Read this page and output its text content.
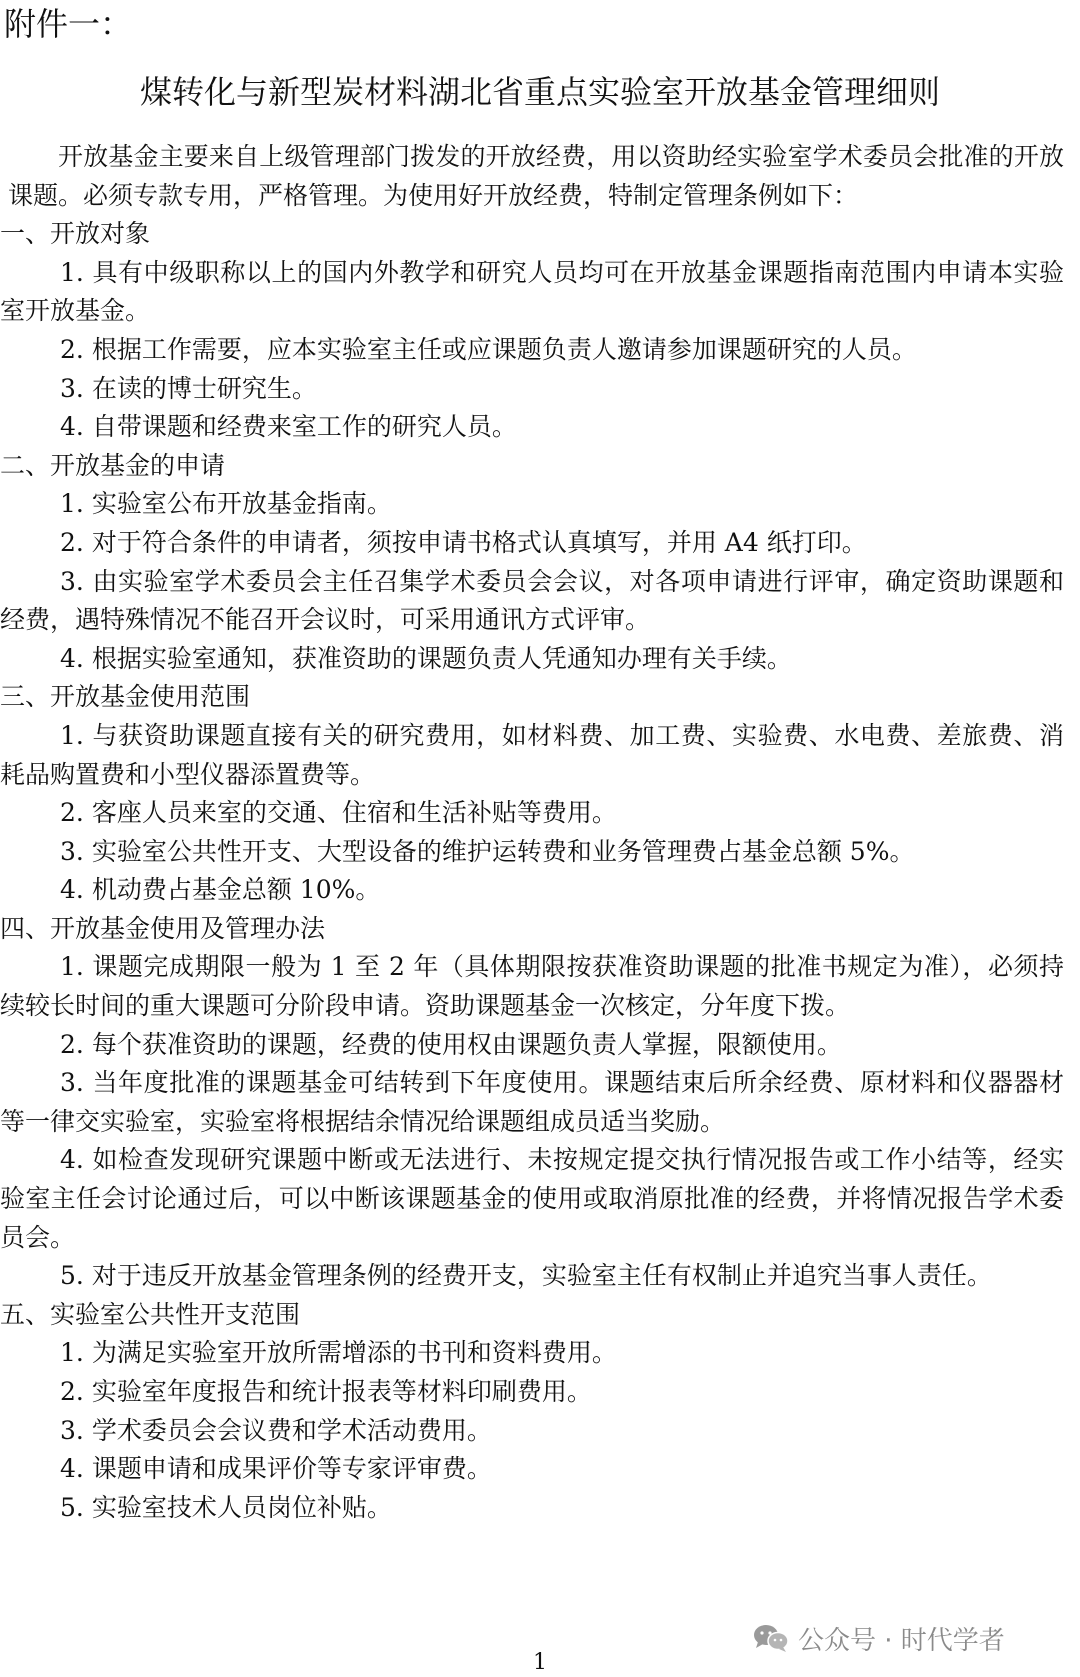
附件一：
煤转化与新型炭材料湖北省重点实验室开放基金管理细则

开放基金主要来自上级管理部门拨发的开放经费，用以资助经实验室学术委员会批准的开放课题。必须专款专用，严格管理。为使用好开放经费，特制定管理条例如下：

一、开放对象

1. 具有中级职称以上的国内外教学和研究人员均可在开放基金课题指南范围内申请本实验室开放基金。

2. 根据工作需要，应本实验室主任或应课题负责人邀请参加课题研究的人员。

3. 在读的博士研究生。

4. 自带课题和经费来室工作的研究人员。

二、开放基金的申请

1. 实验室公布开放基金指南。

2. 对于符合条件的申请者，须按申请书格式认真填写，并用 A4 纸打印。

3. 由实验室学术委员会主任召集学术委员会会议，对各项申请进行评审，确定资助课题和经费，遇特殊情况不能召开会议时，可采用通讯方式评审。

4. 根据实验室通知，获准资助的课题负责人凭通知办理有关手续。

三、开放基金使用范围

1. 与获资助课题直接有关的研究费用，如材料费、加工费、实验费、水电费、差旅费、消耗品购置费和小型仪器添置费等。

2. 客座人员来室的交通、住宿和生活补贴等费用。

3. 实验室公共性开支、大型设备的维护运转费和业务管理费占基金总额 5%。

4. 机动费占基金总额 10%。

四、开放基金使用及管理办法

1. 课题完成期限一般为 1 至 2 年（具体期限按获准资助课题的批准书规定为准），必须持续较长时间的重大课题可分阶段申请。资助课题基金一次核定，分年度下拨。

2. 每个获准资助的课题，经费的使用权由课题负责人掌握，限额使用。

3. 当年度批准的课题基金可结转到下年度使用。课题结束后所余经费、原材料和仪器器材等一律交实验室，实验室将根据结余情况给课题组成员适当奖励。

4. 如检查发现研究课题中断或无法进行、未按规定提交执行情况报告或工作小结等，经实验室主任会讨论通过后，可以中断该课题基金的使用或取消原批准的经费，并将情况报告学术委员会。

5. 对于违反开放基金管理条例的经费开支，实验室主任有权制止并追究当事人责任。

五、实验室公共性开支范围

1. 为满足实验室开放所需增添的书刊和资料费用。

2. 实验室年度报告和统计报表等材料印刷费用。

3. 学术委员会会议费和学术活动费用。

4. 课题申请和成果评价等专家评审费。

5. 实验室技术人员岗位补贴。

公众号 · 时代学者
1
